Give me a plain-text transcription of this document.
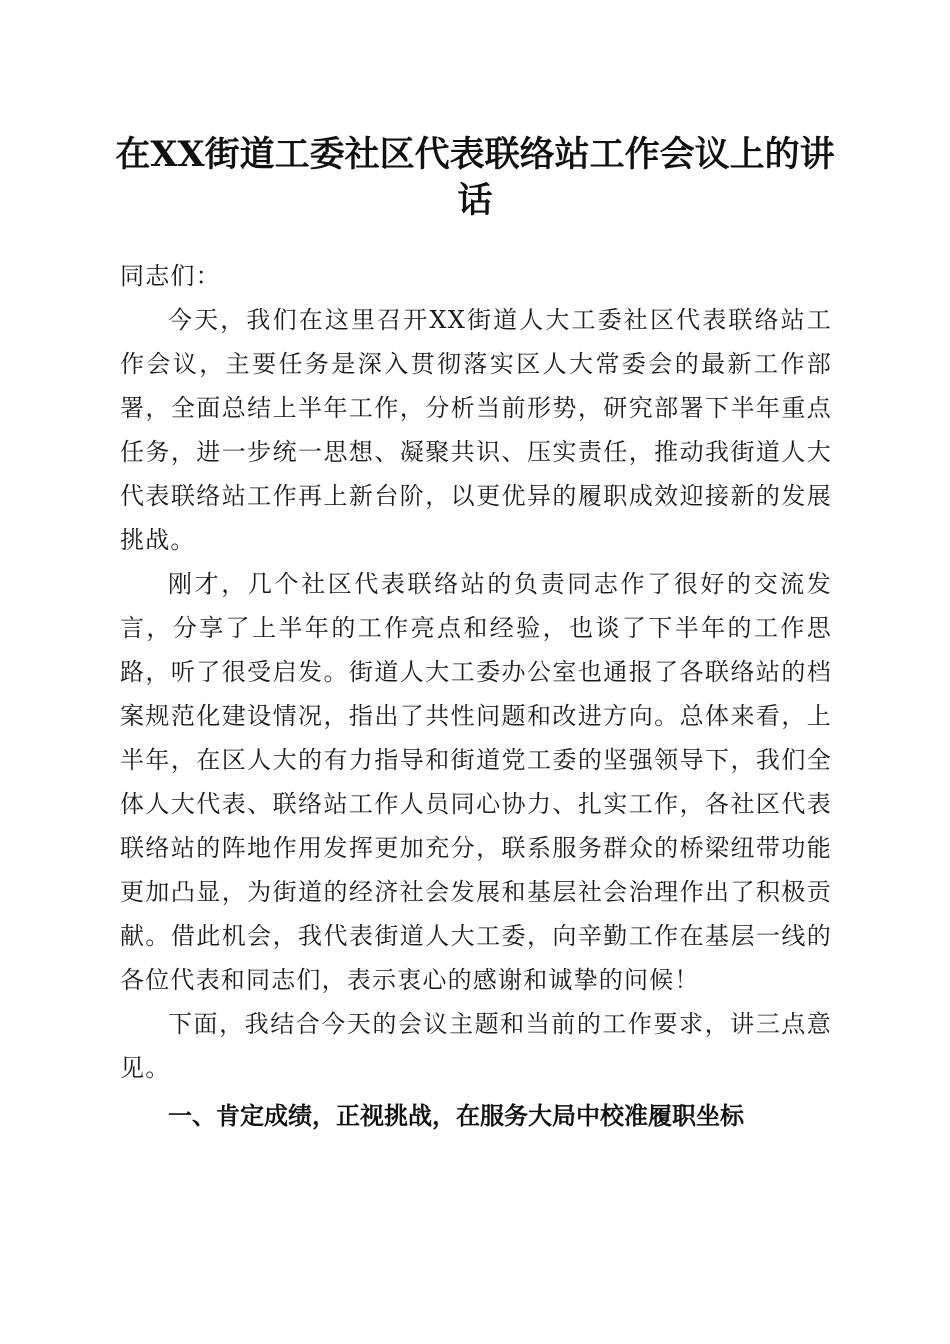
在XX街道工委社区代表联络站工作会议上的讲话

同志们：

今天，我们在这里召开XX街道人大工委社区代表联络站工作会议，主要任务是深入贯彻落实区人大常委会的最新工作部署，全面总结上半年工作，分析当前形势，研究部署下半年重点任务，进一步统一思想、凝聚共识、压实责任，推动我街道人大代表联络站工作再上新台阶，以更优异的履职成效迎接新的发展挑战。

刚才，几个社区代表联络站的负责同志作了很好的交流发言，分享了上半年的工作亮点和经验，也谈了下半年的工作思路，听了很受启发。街道人大工委办公室也通报了各联络站的档案规范化建设情况，指出了共性问题和改进方向。总体来看，上半年，在区人大的有力指导和街道党工委的坚强领导下，我们全体人大代表、联络站工作人员同心协力、扎实工作，各社区代表联络站的阵地作用发挥更加充分，联系服务群众的桥梁纽带功能更加凸显，为街道的经济社会发展和基层社会治理作出了积极贡献。借此机会，我代表街道人大工委，向辛勤工作在基层一线的各位代表和同志们，表示衷心的感谢和诚挚的问候！

下面，我结合今天的会议主题和当前的工作要求，讲三点意见。

一、肯定成绩，正视挑战，在服务大局中校准履职坐标
